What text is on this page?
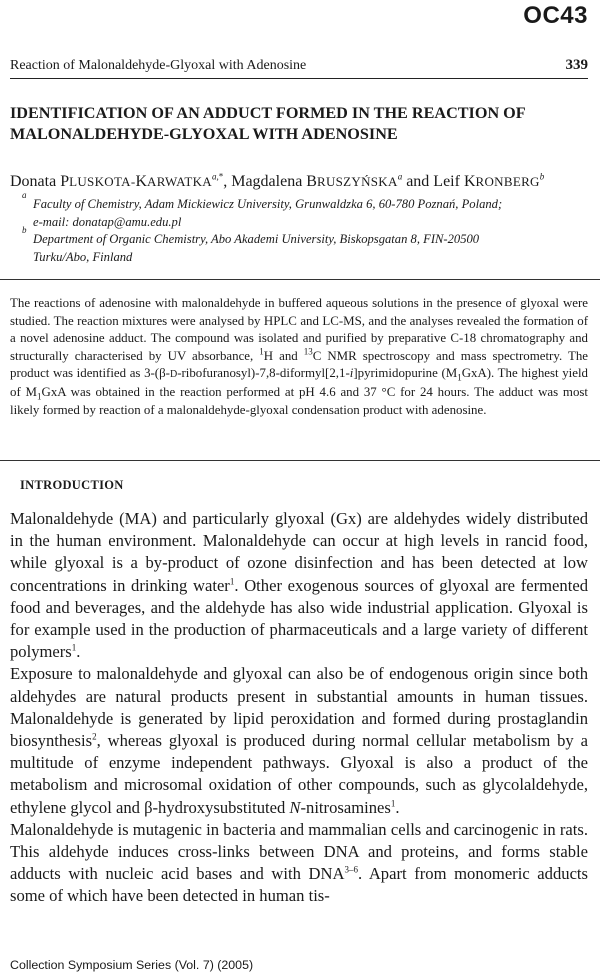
OC43
Reaction of Malonaldehyde-Glyoxal with Adenosine	339
IDENTIFICATION OF AN ADDUCT FORMED IN THE REACTION OF
MALONALDEHYDE-GLYOXAL WITH ADENOSINE
Donata PLUSKOTA-$KARWATKA^{a,*}$, Magdalena BRUSZYŃSKA$^a$ and Leif KRONBERG$^b$
a
Faculty of Chemistry, Adam Mickiewicz University, Grunwaldzka 6, 60-780 Poznań, Poland;
e-mail: donatap@amu.edu.pl
b
Department of Organic Chemistry, Abo Akademi University, Biskopsgatan 8, FIN-20500
Turku/Abo, Finland
The reactions of adenosine with malonaldehyde in buffered aqueous solutions in the presence of glyoxal were studied. The reaction mixtures were analysed by HPLC and LC-MS, and the analyses revealed the formation of a novel adenosine adduct. The compound was isolated and purified by preparative C-18 chromatography and structurally characterised by UV absorbance, $^1$H and $^{13}$C NMR spectroscopy and mass spectrometry. The product was identified as 3-(β-D-ribofuranosyl)-7,8-diformyl[2,1-i]pyrimidopurine $(M_1GxA)$. The highest yield of $M_1GxA$ was obtained in the reaction performed at pH 4.6 and 37 °C for 24 hours. The adduct was most likely formed by reaction of a malonaldehyde-glyoxal condensation product with adenosine.
INTRODUCTION

Malonaldehyde (MA) and particularly glyoxal (Gx) are aldehydes widely distributed in the human environment. Malonaldehyde can occur at high levels in rancid food, while glyoxal is a by-product of ozone disinfection and has been detected at low concentrations in drinking water$^1$. Other exogenous sources of glyoxal are fermented food and beverages, and the aldehyde has also wide industrial application. Glyoxal is for example used in the production of pharmaceuticals and a large variety of different polymers$^1$.

Exposure to malonaldehyde and glyoxal can also be of endogenous origin since both aldehydes are natural products present in substantial amounts in human tissues. Malonaldehyde is generated by lipid peroxidation and formed during prostaglandin biosynthesis$^2$, whereas glyoxal is produced during normal cellular metabolism by a multitude of enzyme independent pathways. Glyoxal is also a product of the metabolism and microsomal oxidation of other compounds, such as glycolaldehyde, ethylene glycol and β-hydroxysubstituted N-nitrosamines$^1$.

Malonaldehyde is mutagenic in bacteria and mammalian cells and carcinogenic in rats. This aldehyde induces cross-links between DNA and proteins, and forms stable adducts with nucleic acid bases and with DNA$^{3-6}$. Apart from monomeric adducts some of which have been detected in human tis-

Collection Symposium Series (Vol. 7) (2005)
